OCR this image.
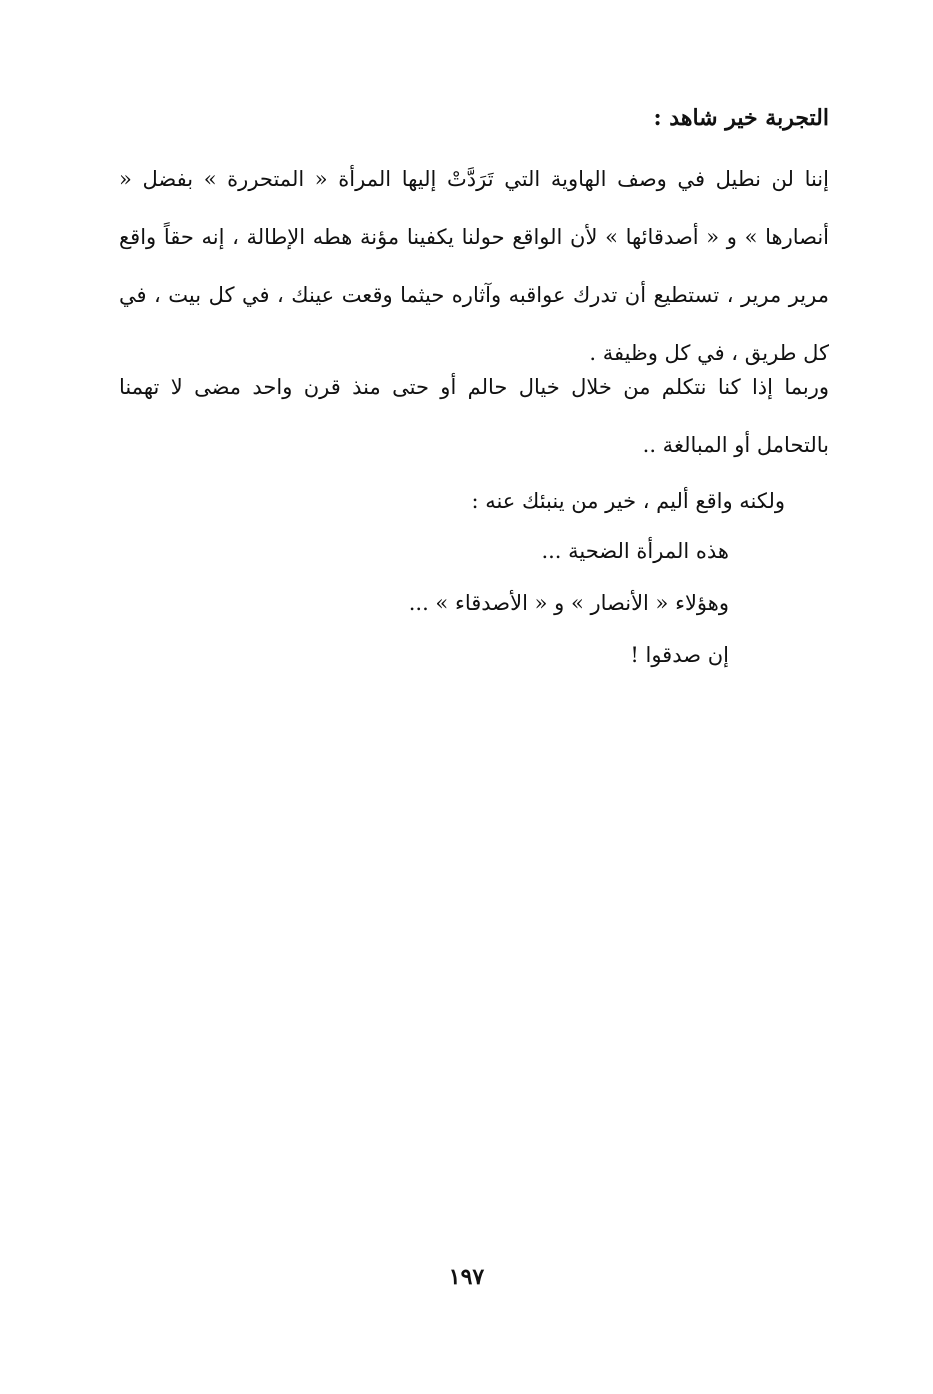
التجربة خير شاهد :
إننا لن نطيل في وصف الهاوية التي تَرَدَّتْ إليها المرأة « المتحررة » بفضل « أنصارها » و « أصدقائها » لأن الواقع حولنا يكفينا مؤنة هطه الإطالة ، إنه حقاً واقع مرير مرير ، تستطيع أن تدرك عواقبه وآثاره حيثما وقعت عينك ، في كل بيت ، في كل طريق ، في كل وظيفة .
وربما إذا كنا نتكلم من خلال خيال حالم أو حتى منذ قرن واحد مضى لا تهمنا بالتحامل أو المبالغة ..
ولكنه واقع أليم ، خير من ينبئك عنه :
هذه المرأة الضحية ...
وهؤلاء « الأنصار » و « الأصدقاء » ...
إن صدقوا !
١٩٧
